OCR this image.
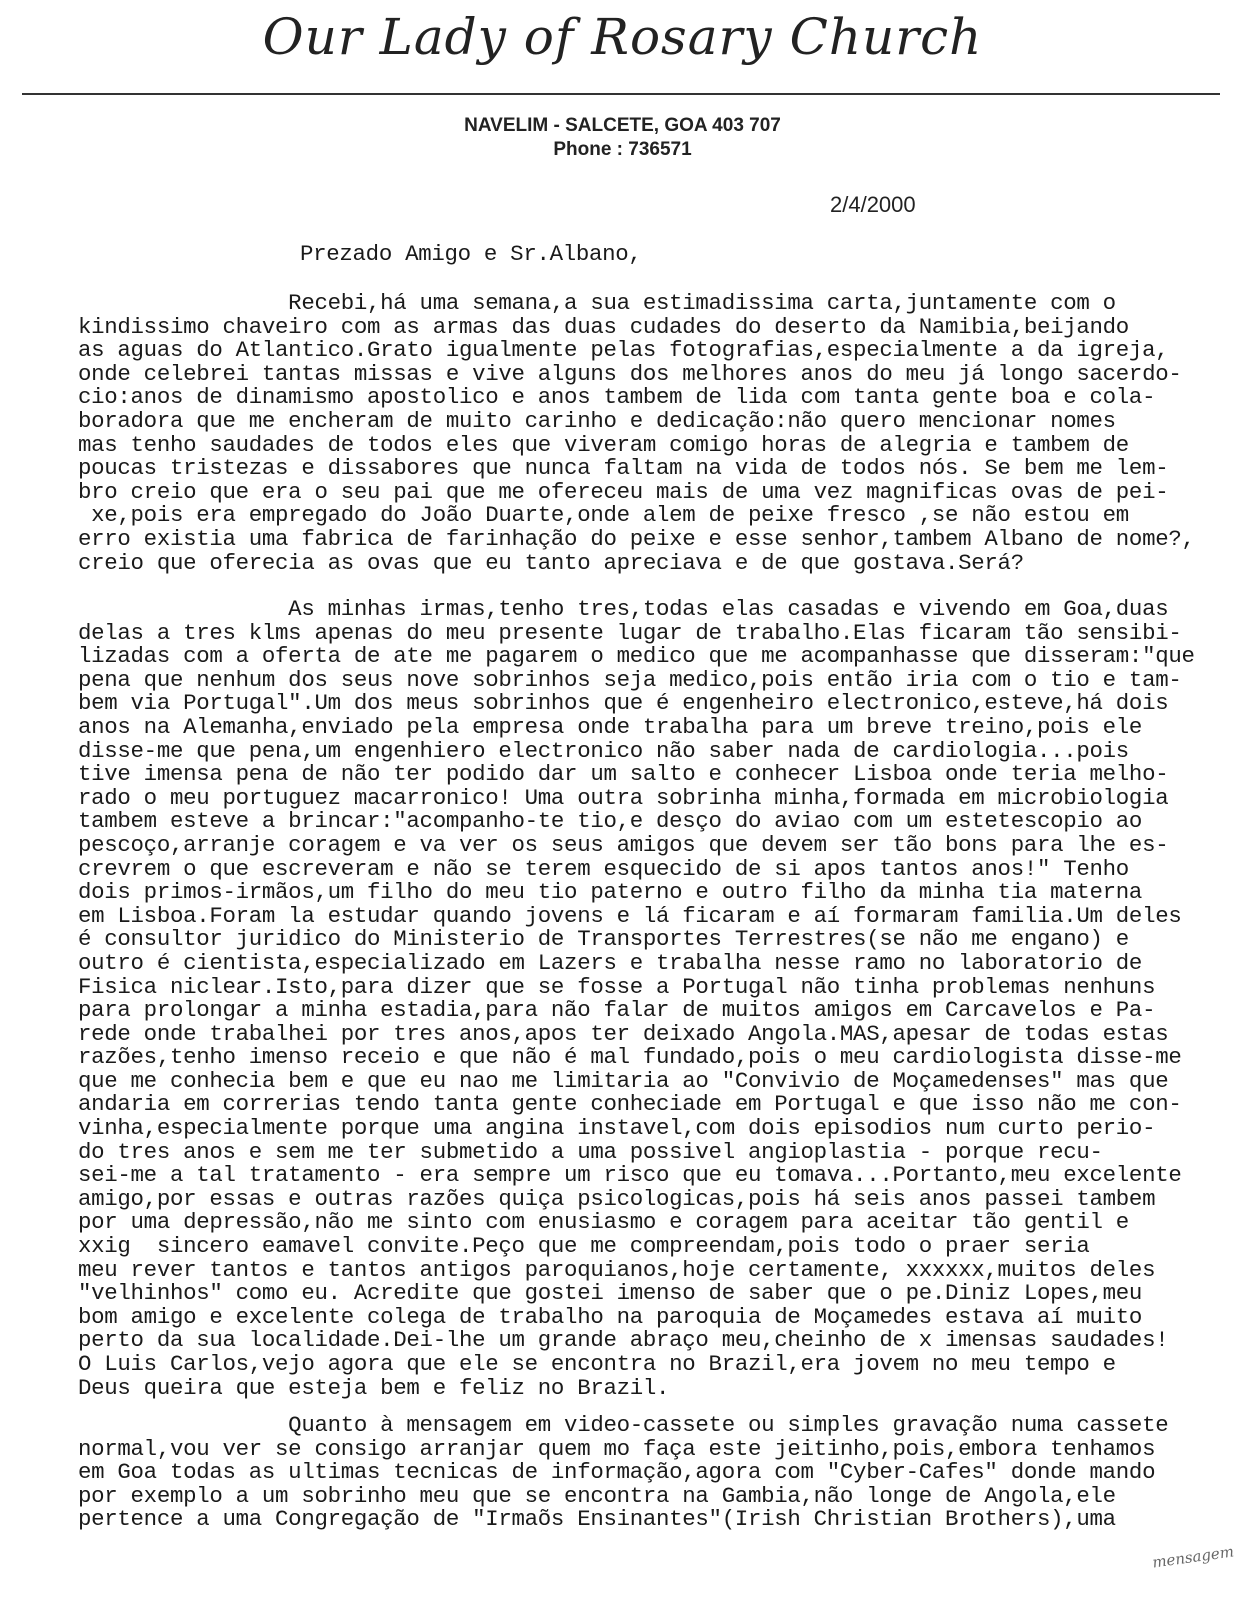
Our Lady of Rosary Church
NAVELIM - SALCETE, GOA 403 707
Phone : 736571
2/4/2000
Prezado Amigo e Sr.Albano,
Recebi,há uma semana,a sua estimadissima carta,juntamente com o
kindissimo chaveiro com as armas das duas cudades do deserto da Namibia,beijando
as aguas do Atlantico.Grato igualmente pelas fotografias,especialmente a da igreja,
onde celebrei tantas missas e vive alguns dos melhores anos do meu já longo sacerdo-
cio:anos de dinamismo apostolico e anos tambem de lida com tanta gente boa e cola-
boradora que me encheram de muito carinho e dedicação:não quero mencionar nomes
mas tenho saudades de todos eles que viveram comigo horas de alegria e tambem de
poucas tristezas e dissabores que nunca faltam na vida de todos nós. Se bem me lem-
bro creio que era o seu pai que me ofereceu mais de uma vez magnificas ovas de pei-
xe,pois era empregado do João Duarte,onde alem de peixe fresco ,se não estou em
erro existia uma fabrica de farinhação do peixe e esse senhor,tambem Albano de nome?,
creio que oferecia as ovas que eu tanto apreciava e de que gostava.Será?
As minhas irmas,tenho tres,todas elas casadas e vivendo em Goa,duas
delas a tres klms apenas do meu presente lugar de trabalho.Elas ficaram tão sensibi-
lizadas com a oferta de ate me pagarem o medico que me acompanhasse que disseram:"que
pena que nenhum dos seus nove sobrinhos seja medico,pois então iria com o tio e tam-
bem via Portugal".Um dos meus sobrinhos que é engenheiro electronico,esteve,há dois
anos na Alemanha,enviado pela empresa onde trabalha para um breve treino,pois ele
disse-me que pena,um engenhiero electronico não saber nada de cardiologia...pois
tive imensa pena de não ter podido dar um salto e conhecer Lisboa onde teria melho-
rado o meu portuguez macarronico! Uma outra sobrinha minha,formada em microbiologia
tambem esteve a brincar:"acompanho-te tio,e desço do aviao com um estetescopio ao
pescoço,arranje coragem e va ver os seus amigos que devem ser tão bons para lhe es-
crevrem o que escreveram e não se terem esquecido de si apos tantos anos!" Tenho
dois primos-irmãos,um filho do meu tio paterno e outro filho da minha tia materna
em Lisboa.Foram la estudar quando jovens e lá ficaram e aí formaram familia.Um deles
é consultor juridico do Ministerio de Transportes Terrestres(se não me engano) e
outro é cientista,especializado em Lazers e trabalha nesse ramo no laboratorio de
Fisica niclear.Isto,para dizer que se fosse a Portugal não tinha problemas nenhuns
para prolongar a minha estadia,para não falar de muitos amigos em Carcavelos e Pa-
rede onde trabalhei por tres anos,apos ter deixado Angola.MAS,apesar de todas estas
razões,tenho imenso receio e que não é mal fundado,pois o meu cardiologista disse-me
que me conhecia bem e que eu nao me limitaria ao "Convivio de Moçamedenses" mas que
andaria em correrias tendo tanta gente conheciade em Portugal e que isso não me con-
vinha,especialmente porque uma angina instavel,com dois episodios num curto perio-
do tres anos e sem me ter submetido a uma possivel angioplastia - porque recu-
sei-me a tal tratamento - era sempre um risco que eu tomava...Portanto,meu excelente
amigo,por essas e outras razões quiça psicologicas,pois há seis anos passei tambem
por uma depressão,não me sinto com enusiasmo e coragem para aceitar tão gentil e
xxig  sincero eamavel convite.Peço que me compreendam,pois todo o praer seria
meu rever tantos e tantos antigos paroquianos,hoje certamente, xxxxxx,muitos deles
"velhinhos" como eu. Acredite que gostei imenso de saber que o pe.Diniz Lopes,meu
bom amigo e excelente colega de trabalho na paroquia de Moçamedes estava aí muito
perto da sua localidade.Dei-lhe um grande abraço meu,cheinho de x imensas saudades!
O Luis Carlos,vejo agora que ele se encontra no Brazil,era jovem no meu tempo e
Deus queira que esteja bem e feliz no Brazil.
Quanto à mensagem em video-cassete ou simples gravação numa cassete
normal,vou ver se consigo arranjar quem mo faça este jeitinho,pois,embora tenhamos
em Goa todas as ultimas tecnicas de informação,agora com "Cyber-Cafes" donde mando
por exemplo a um sobrinho meu que se encontra na Gambia,não longe de Angola,ele
pertence a uma Congregação de "Irmaõs Ensinantes"(Irish Christian Brothers),uma
mensagem
